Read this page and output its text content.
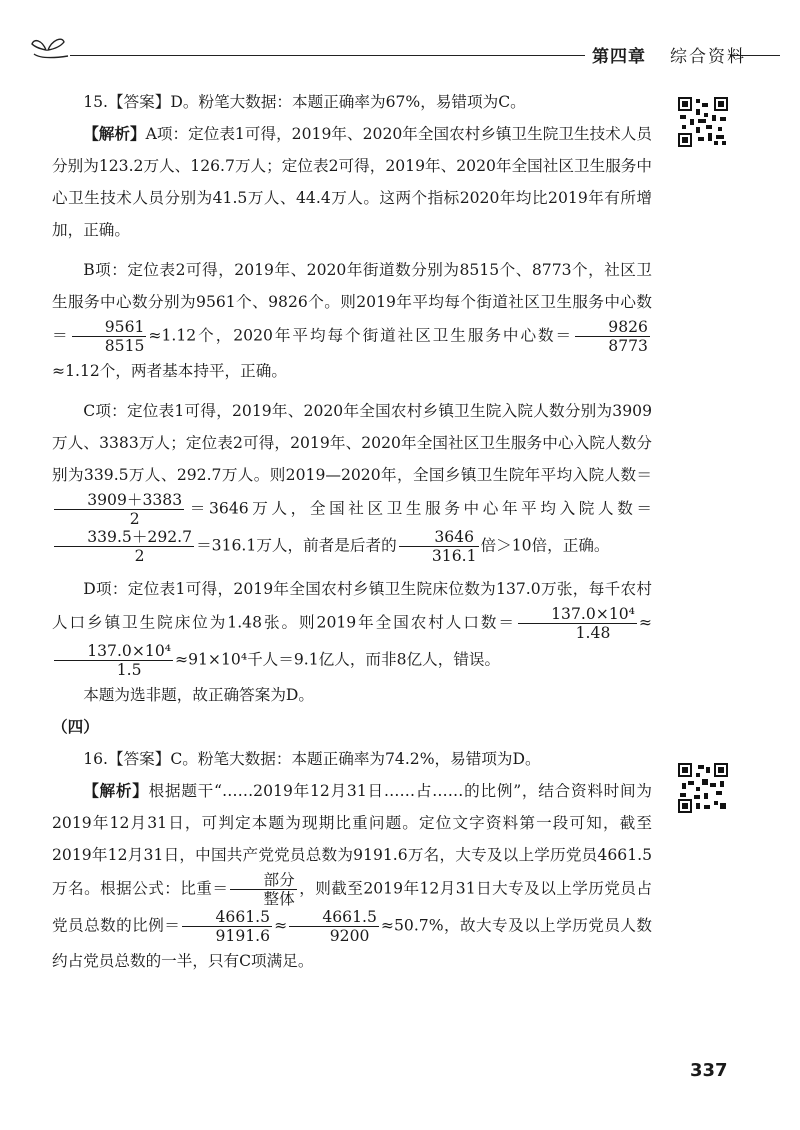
第四章 综合资料

15.【答案】D。粉笔大数据：本题正确率为67%，易错项为C。

【解析】A项：定位表1可得，2019年、2020年全国农村乡镇卫生院卫生技术人员分别为123.2万人、126.7万人；定位表2可得，2019年、2020年全国社区卫生服务中心卫生技术人员分别为41.5万人、44.4万人。这两个指标2020年均比2019年有所增加，正确。

B项：定位表2可得，2019年、2020年街道数分别为8515个、8773个，社区卫生服务中心数分别为9561个、9826个。则2019年平均每个街道社区卫生服务中心数＝ $\frac{9561}{8515} \approx 1.12$个，2020年平均每个街道社区卫生服务中心数＝ $\frac{9826}{8773}$
≈1.12个，两者基本持平，正确。

C项：定位表1可得，2019年、2020年全国农村乡镇卫生院入院人数分别为3909万人、3383万人；定位表2可得，2019年、2020年全国社区卫生服务中心入院人数分别为339.5万人、292.7万人。则2019—2020年，全国乡镇卫生院年平均入院人数＝
$\frac{3909+3383}{2} =3646$万人，全国社区卫生服务中心年平均入院人数＝
$\frac{339.5+292.7}{2} =316.1$万人，前者是后者的 $\frac{3646}{316.1}$ 倍＞10倍，正确。

D项：定位表1可得，2019年全国农村乡镇卫生院床位数为137.0万张，每千农村人口乡镇卫生院床位为1.48张。则2019年全国农村人口数＝ $\frac{\text{137.0×10⁴}}{1.48}$ ≈
$\frac{\text{137.0×10⁴}}{1.5} \approx 91\times 10^4$千人＝9.1亿人，而非8亿人，错误。

本题为选非题，故正确答案为D。

（四）

16.【答案】C。粉笔大数据：本题正确率为74.2%，易错项为D。

【解析】根据题干“……2019年12月31日……占……的比例”，结合资料时间为2019年12月31日，可判定本题为现期比重问题。定位文字资料第一段可知，截至2019年12月31日，中国共产党党员总数为9191.6万名，大专及以上学历党员4661.5万名。根据公式：比重＝ $\frac{\text{部分}}{\text{整体}}$ ，则截至2019年12月31日大专及以上学历党员占党员总数的比例＝ $\frac{4661.5}{9191.6} \approx \frac{4661.5}{9200} \approx 50.7\%$，故大专及以上学历党员人数约占党员总数的一半，只有C项满足。

337
